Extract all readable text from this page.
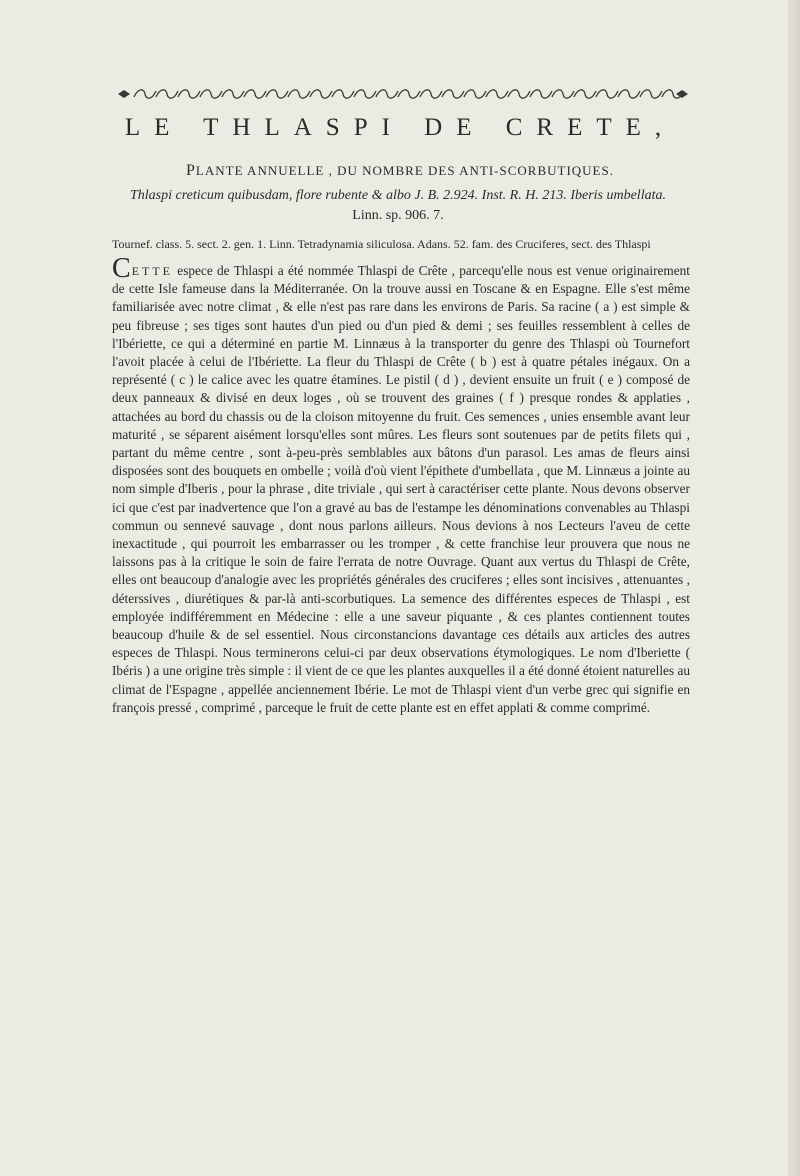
LE THLASPI DE CRETE,
PLANTE ANNUELLE , DU NOMBRE DES ANTI-SCORBUTIQUES.
Thlaspi creticum quibusdam, flore rubente & albo J. B. 2.924. Inst. R. H. 213. Iberis umbellata.
Linn. sp. 906. 7.
Tournef. class. 5. sect. 2. gen. 1. Linn. Tetradynamia siliculosa. Adans. 52. fam. des Cruciferes, sect. des Thlaspi

CETTE espece de Thlaspi a été nommée Thlaspi de Crête , parcequ'elle nous est venue originairement de cette Isle fameuse dans la Méditerranée. On la trouve aussi en Toscane & en Espagne. Elle s'est même familiarisée avec notre climat , & elle n'est pas rare dans les environs de Paris. Sa racine ( a ) est simple & peu fibreuse ; ses tiges sont hautes d'un pied ou d'un pied & demi ; ses feuilles ressemblent à celles de l'Ibériette, ce qui a déterminé en partie M. Linnæus à la transporter du genre des Thlaspi où Tournefort l'avoit placée à celui de l'Ibériette. La fleur du Thlaspi de Crête ( b ) est à quatre pétales inégaux. On a représenté ( c ) le calice avec les quatre étamines. Le pistil ( d ) , devient ensuite un fruit ( e ) composé de deux panneaux & divisé en deux loges , où se trouvent des graines ( f ) presque rondes & applaties , attachées au bord du chassis ou de la cloison mitoyenne du fruit. Ces semences , unies ensemble avant leur maturité , se séparent aisément lorsqu'elles sont mûres. Les fleurs sont soutenues par de petits filets qui , partant du même centre , sont à-peu-près semblables aux bâtons d'un parasol. Les amas de fleurs ainsi disposées sont des bouquets en ombelle ; voilà d'où vient l'épithete d'umbellata , que M. Linnæus a jointe au nom simple d'Iberis , pour la phrase , dite triviale , qui sert à caractériser cette plante. Nous devons observer ici que c'est par inadvertence que l'on a gravé au bas de l'estampe les dénominations convenables au Thlaspi commun ou sennevé sauvage , dont nous parlons ailleurs. Nous devions à nos Lecteurs l'aveu de cette inexactitude , qui pourroit les embarrasser ou les tromper , & cette franchise leur prouvera que nous ne laissons pas à la critique le soin de faire l'errata de notre Ouvrage. Quant aux vertus du Thlaspi de Crête, elles ont beaucoup d'analogie avec les propriétés générales des cruciferes ; elles sont incisives , attenuantes , déterssives , diurétiques & par-là anti-scorbutiques. La semence des différentes especes de Thlaspi , est employée indifféremment en Médecine : elle a une saveur piquante , & ces plantes contiennent toutes beaucoup d'huile & de sel essentiel. Nous circonstancions davantage ces détails aux articles des autres especes de Thlaspi. Nous terminerons celui-ci par deux observations étymologiques. Le nom d'Iberiette ( Ibéris ) a une origine très simple : il vient de ce que les plantes auxquelles il a été donné étoient naturelles au climat de l'Espagne , appellée anciennement Ibérie. Le mot de Thlaspi vient d'un verbe grec qui signifie en françois pressé , comprimé , parceque le fruit de cette plante est en effet applati & comme comprimé.
